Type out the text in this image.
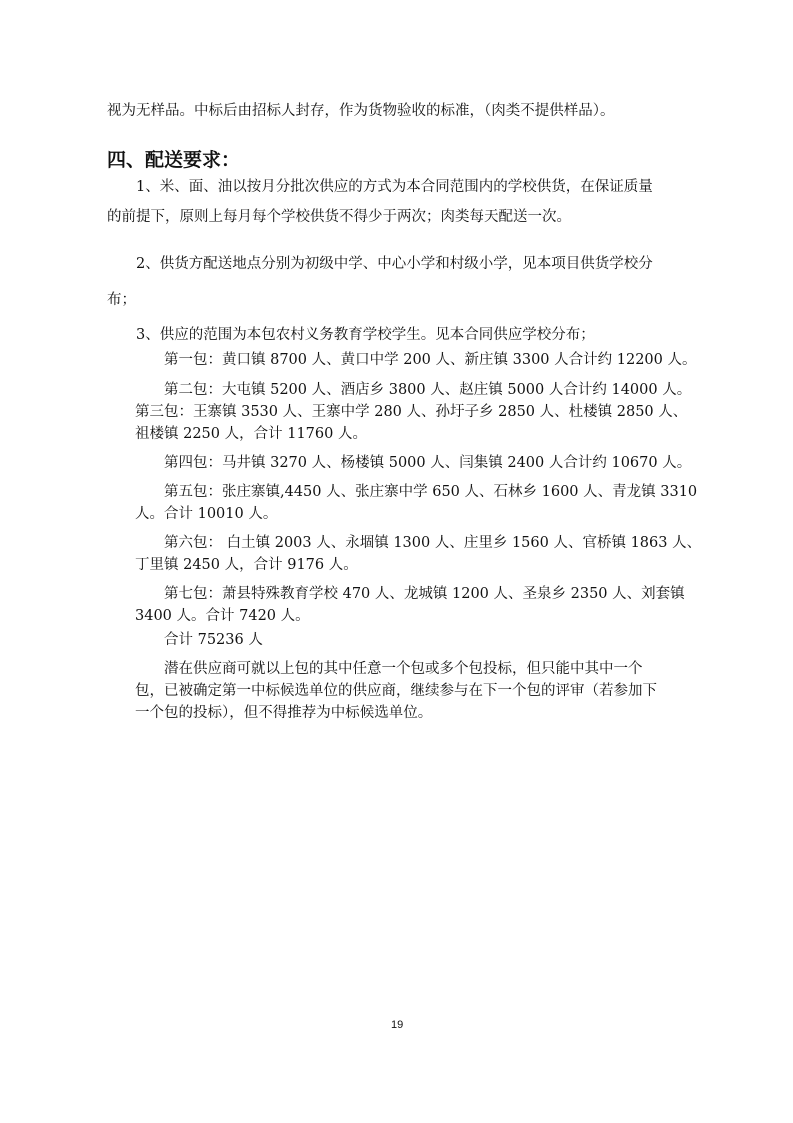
视为无样品。中标后由招标人封存，作为货物验收的标准，（肉类不提供样品）。
四、配送要求：
1、米、面、油以按月分批次供应的方式为本合同范围内的学校供货，在保证质量
的前提下，原则上每月每个学校供货不得少于两次；肉类每天配送一次。
2、供货方配送地点分别为初级中学、中心小学和村级小学，见本项目供货学校分
布；
3、供应的范围为本包农村义务教育学校学生。见本合同供应学校分布；
第一包：黄口镇 8700 人、黄口中学 200 人、新庄镇 3300 人合计约 12200 人。
第二包：大屯镇 5200 人、酒店乡 3800 人、赵庄镇 5000 人合计约 14000 人。
第三包：王寨镇 3530 人、王寨中学 280 人、孙圩子乡 2850 人、杜楼镇 2850 人、
祖楼镇 2250 人，合计 11760 人。
第四包：马井镇 3270 人、杨楼镇 5000 人、闫集镇 2400 人合计约 10670 人。
第五包：张庄寨镇,4450 人、张庄寨中学 650 人、石林乡 1600 人、青龙镇 3310
人。合计 10010 人。
第六包： 白土镇 2003 人、永堌镇 1300 人、庄里乡 1560 人、官桥镇 1863 人、
丁里镇 2450 人，合计 9176 人。
第七包：萧县特殊教育学校 470 人、龙城镇 1200 人、圣泉乡 2350 人、刘套镇
3400 人。合计 7420 人。
合计 75236 人
潜在供应商可就以上包的其中任意一个包或多个包投标，但只能中其中一个
包，已被确定第一中标候选单位的供应商，继续参与在下一个包的评审（若参加下
一个包的投标），但不得推荐为中标候选单位。
19
